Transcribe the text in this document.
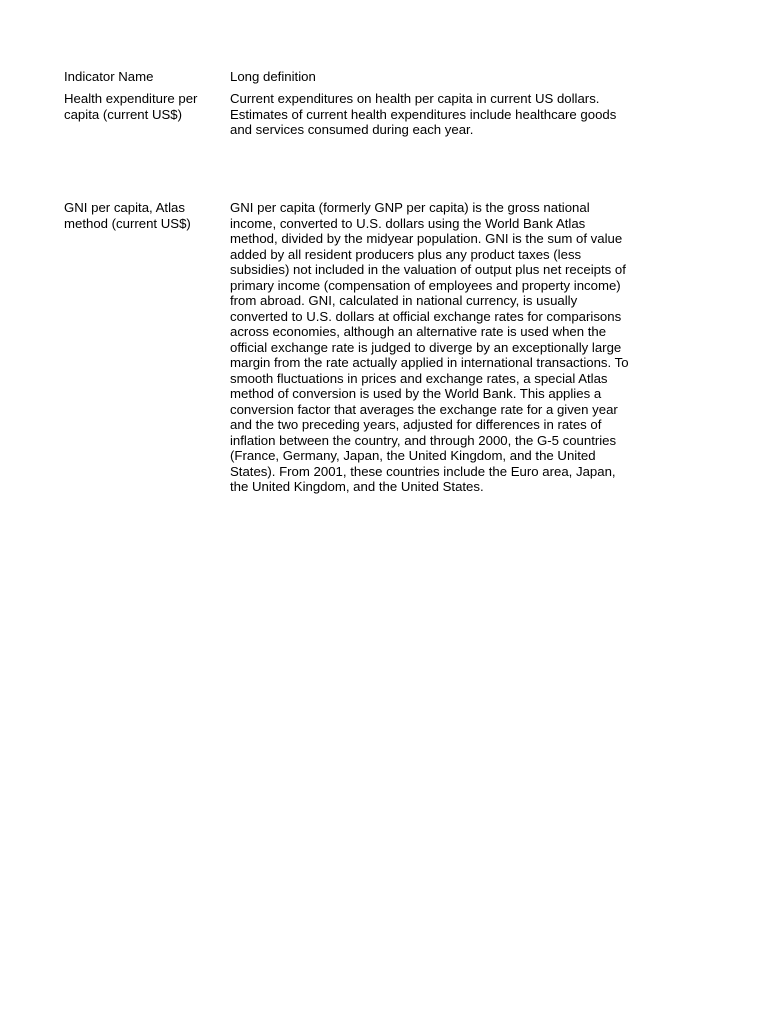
Indicator Name	Long definition
Health expenditure per capita (current US$)
Current expenditures on health per capita in current US dollars. Estimates of current health expenditures include healthcare goods and services consumed during each year.
GNI per capita, Atlas method (current US$)
GNI per capita (formerly GNP per capita) is the gross national income, converted to U.S. dollars using the World Bank Atlas method, divided by the midyear population. GNI is the sum of value added by all resident producers plus any product taxes (less subsidies) not included in the valuation of output plus net receipts of primary income (compensation of employees and property income) from abroad. GNI, calculated in national currency, is usually converted to U.S. dollars at official exchange rates for comparisons across economies, although an alternative rate is used when the official exchange rate is judged to diverge by an exceptionally large margin from the rate actually applied in international transactions. To smooth fluctuations in prices and exchange rates, a special Atlas method of conversion is used by the World Bank. This applies a conversion factor that averages the exchange rate for a given year and the two preceding years, adjusted for differences in rates of inflation between the country, and through 2000, the G-5 countries (France, Germany, Japan, the United Kingdom, and the United States). From 2001, these countries include the Euro area, Japan, the United Kingdom, and the United States.
